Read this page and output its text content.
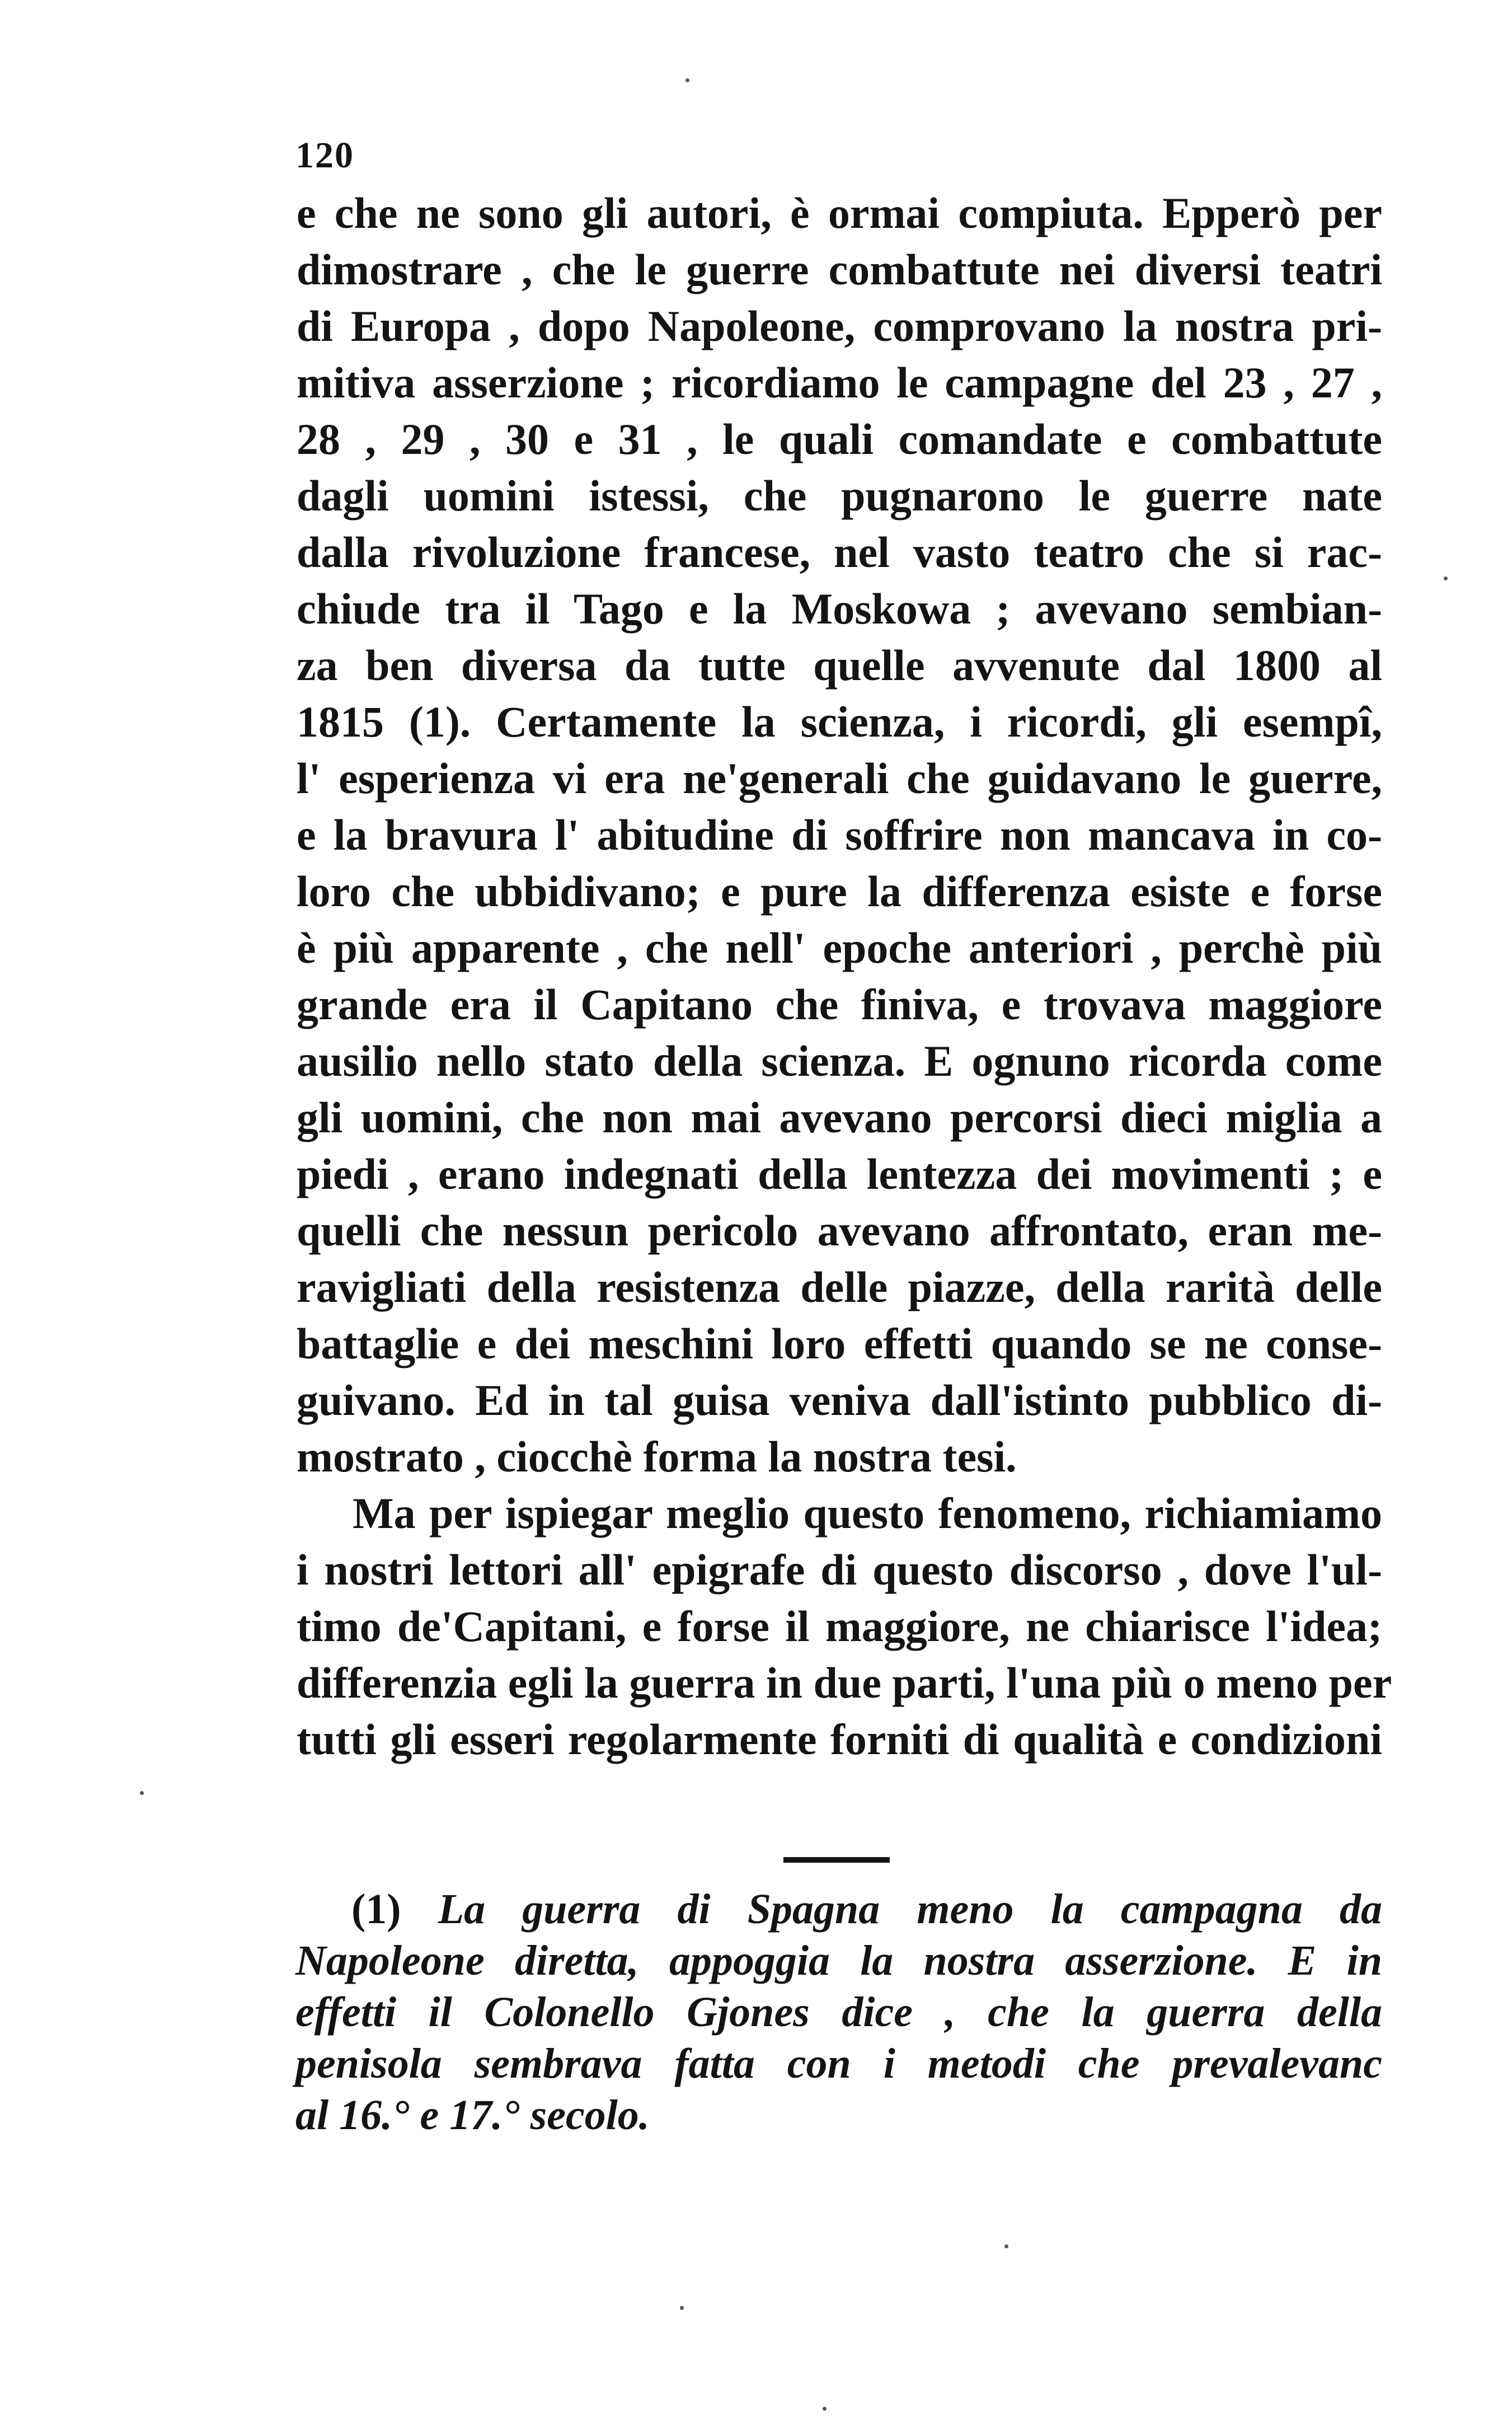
120
e che ne sono gli autori, è ormai compiuta. Epperò per
dimostrare , che le guerre combattute nei diversi teatri
di Europa , dopo Napoleone, comprovano la nostra pri-
mitiva asserzione ; ricordiamo le campagne del 23 , 27 ,
28 , 29 , 30 e 31 , le quali comandate e combattute
dagli uomini istessi, che pugnarono le guerre nate
dalla rivoluzione francese, nel vasto teatro che si rac-
chiude tra il Tago e la Moskowa ; avevano sembian-
za ben diversa da tutte quelle avvenute dal 1800 al
1815 (1). Certamente la scienza, i ricordi, gli esempî,
l' esperienza vi era ne'generali che guidavano le guerre,
e la bravura l' abitudine di soffrire non mancava in co-
loro che ubbidivano; e pure la differenza esiste e forse
è più apparente , che nell' epoche anteriori , perchè più
grande era il Capitano che finiva, e trovava maggiore
ausilio nello stato della scienza. E ognuno ricorda come
gli uomini, che non mai avevano percorsi dieci miglia a
piedi , erano indegnati della lentezza dei movimenti ; e
quelli che nessun pericolo avevano affrontato, eran me-
ravigliati della resistenza delle piazze, della rarità delle
battaglie e dei meschini loro effetti quando se ne conse-
guivano. Ed in tal guisa veniva dall'istinto pubblico di-
mostrato , ciocchè forma la nostra tesi.
Ma per ispiegar meglio questo fenomeno, richiamiamo
i nostri lettori all' epigrafe di questo discorso , dove l'ul-
timo de'Capitani, e forse il maggiore, ne chiarisce l'idea;
differenzia egli la guerra in due parti, l'una più o meno per
tutti gli esseri regolarmente forniti di qualità e condizioni
(1) La guerra di Spagna meno la campagna da
Napoleone diretta, appoggia la nostra asserzione. E in
effetti il Colonello Gjones dice , che la guerra della
penisola sembrava fatta con i metodi che prevalevanc
al 16.° e 17.° secolo.
